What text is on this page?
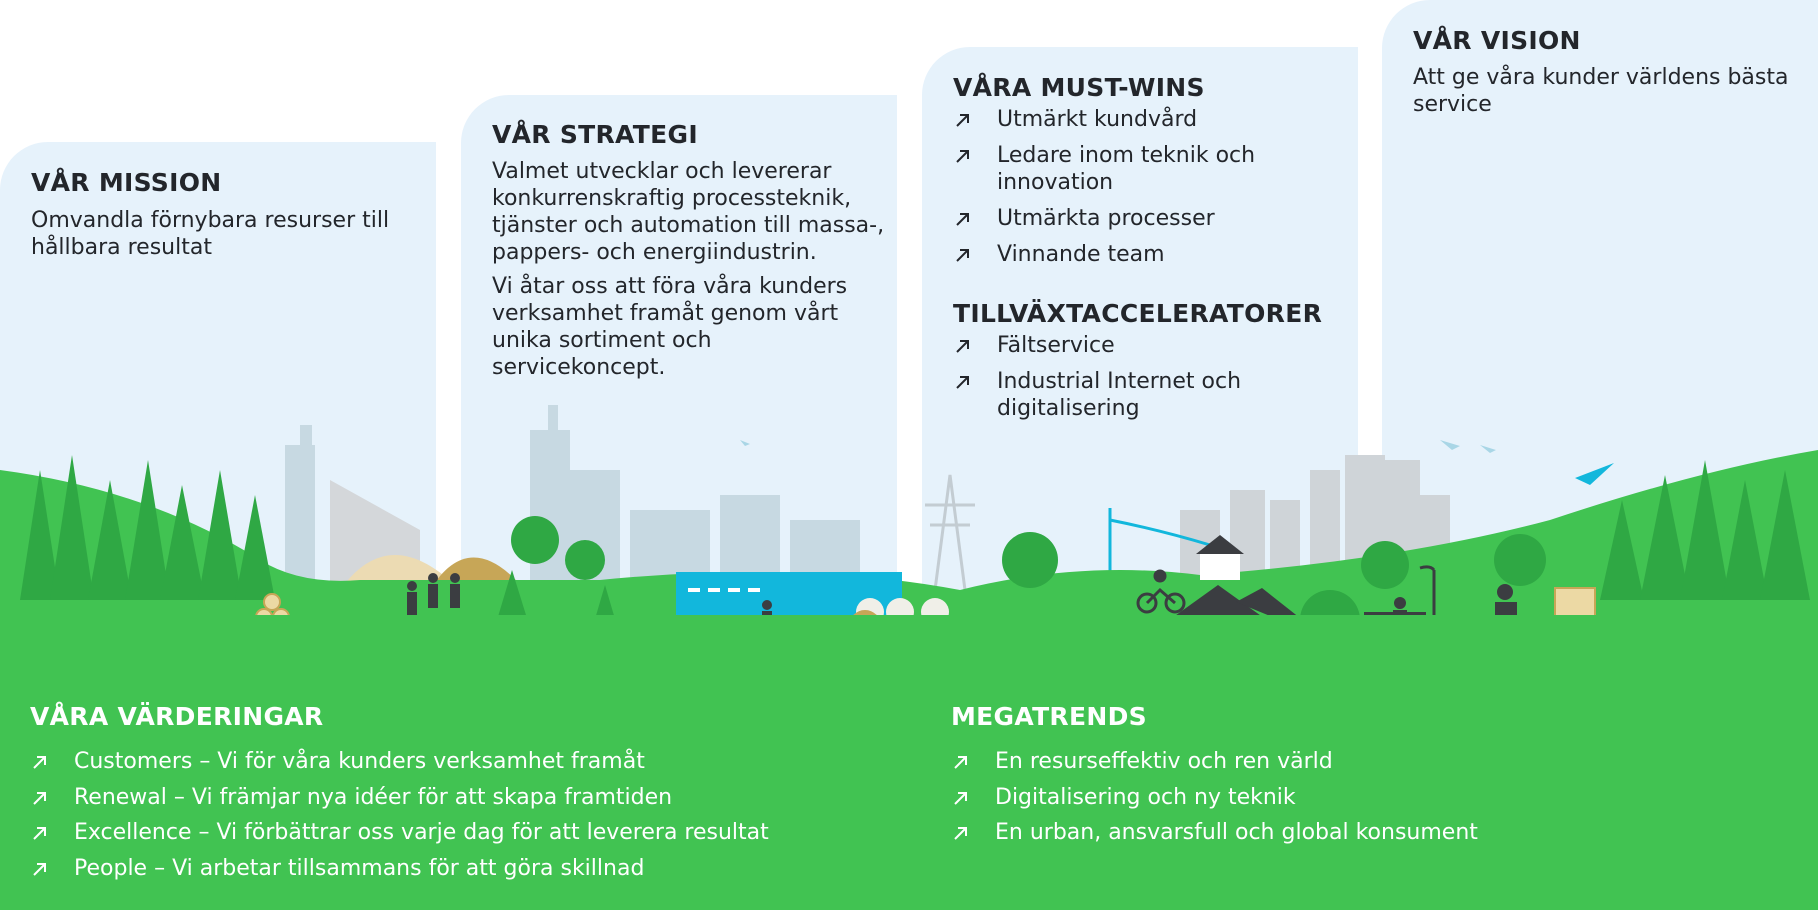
VÅR MISSION

Omvandla förnybara resurser till hållbara resultat

VÅR STRATEGI

Valmet utvecklar och levererar konkurrenskraftig processteknik, tjänster och automation till massa-, pappers- och energiindustrin.

Vi åtar oss att föra våra kunders verksamhet framåt genom vårt unika sortiment och servicekoncept.

VÅRA MUST-WINS
Utmärkt kundvård
Ledare inom teknik och innovation
Utmärkta processer
Vinnande team
TILLVÄXTACCELERATORER
Fältservice
Industrial Internet och digitalisering
VÅR VISION

Att ge våra kunder världens bästa service

VÅRA VÄRDERINGAR
Customers – Vi för våra kunders verksamhet framåt
Renewal – Vi främjar nya idéer för att skapa framtiden
Excellence – Vi förbättrar oss varje dag för att leverera resultat
People – Vi arbetar tillsammans för att göra skillnad
MEGATRENDS
En resurseffektiv och ren värld
Digitalisering och ny teknik
En urban, ansvarsfull och global konsument
